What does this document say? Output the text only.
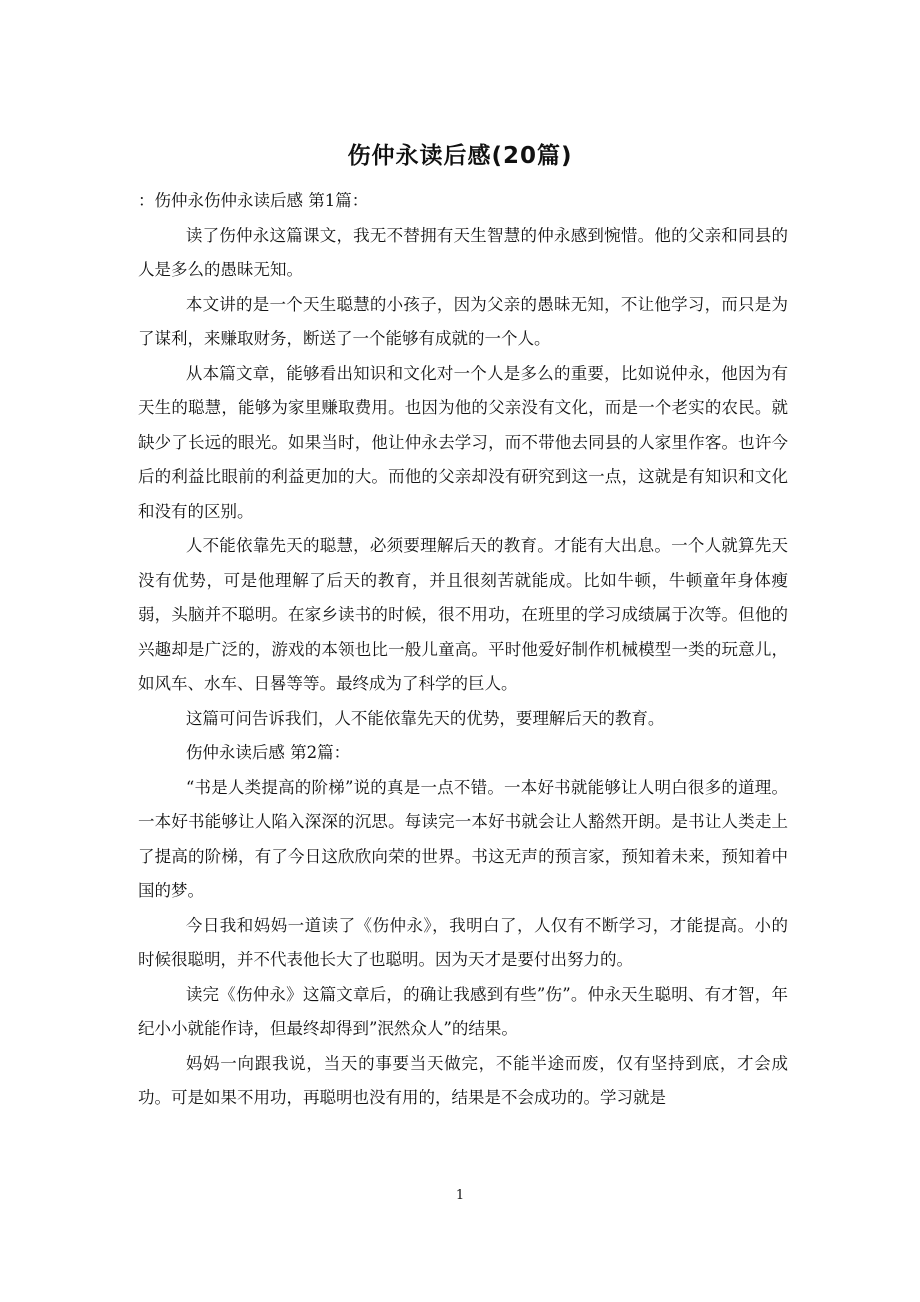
伤仲永读后感(20篇)

：伤仲永伤仲永读后感 第1篇：

读了伤仲永这篇课文，我无不替拥有天生智慧的仲永感到惋惜。他的父亲和同县的人是多么的愚昧无知。

本文讲的是一个天生聪慧的小孩子，因为父亲的愚昧无知，不让他学习，而只是为了谋利，来赚取财务，断送了一个能够有成就的一个人。

从本篇文章，能够看出知识和文化对一个人是多么的重要，比如说仲永，他因为有天生的聪慧，能够为家里赚取费用。也因为他的父亲没有文化，而是一个老实的农民。就缺少了长远的眼光。如果当时，他让仲永去学习，而不带他去同县的人家里作客。也许今后的利益比眼前的利益更加的大。而他的父亲却没有研究到这一点，这就是有知识和文化和没有的区别。

人不能依靠先天的聪慧，必须要理解后天的教育。才能有大出息。一个人就算先天没有优势，可是他理解了后天的教育，并且很刻苦就能成。比如牛顿，牛顿童年身体瘦弱，头脑并不聪明。在家乡读书的时候，很不用功，在班里的学习成绩属于次等。但他的兴趣却是广泛的，游戏的本领也比一般儿童高。平时他爱好制作机械模型一类的玩意儿，如风车、水车、日晷等等。最终成为了科学的巨人。

这篇可问告诉我们，人不能依靠先天的优势，要理解后天的教育。

伤仲永读后感 第2篇：

“书是人类提高的阶梯”说的真是一点不错。一本好书就能够让人明白很多的道理。一本好书能够让人陷入深深的沉思。每读完一本好书就会让人豁然开朗。是书让人类走上了提高的阶梯，有了今日这欣欣向荣的世界。书这无声的预言家，预知着未来，预知着中国的梦。

今日我和妈妈一道读了《伤仲永》，我明白了，人仅有不断学习，才能提高。小的时候很聪明，并不代表他长大了也聪明。因为天才是要付出努力的。

读完《伤仲永》这篇文章后，的确让我感到有些”伤”。仲永天生聪明、有才智，年纪小小就能作诗，但最终却得到”泯然众人”的结果。

妈妈一向跟我说，当天的事要当天做完，不能半途而废，仅有坚持到底，才会成功。可是如果不用功，再聪明也没有用的，结果是不会成功的。学习就是

1
